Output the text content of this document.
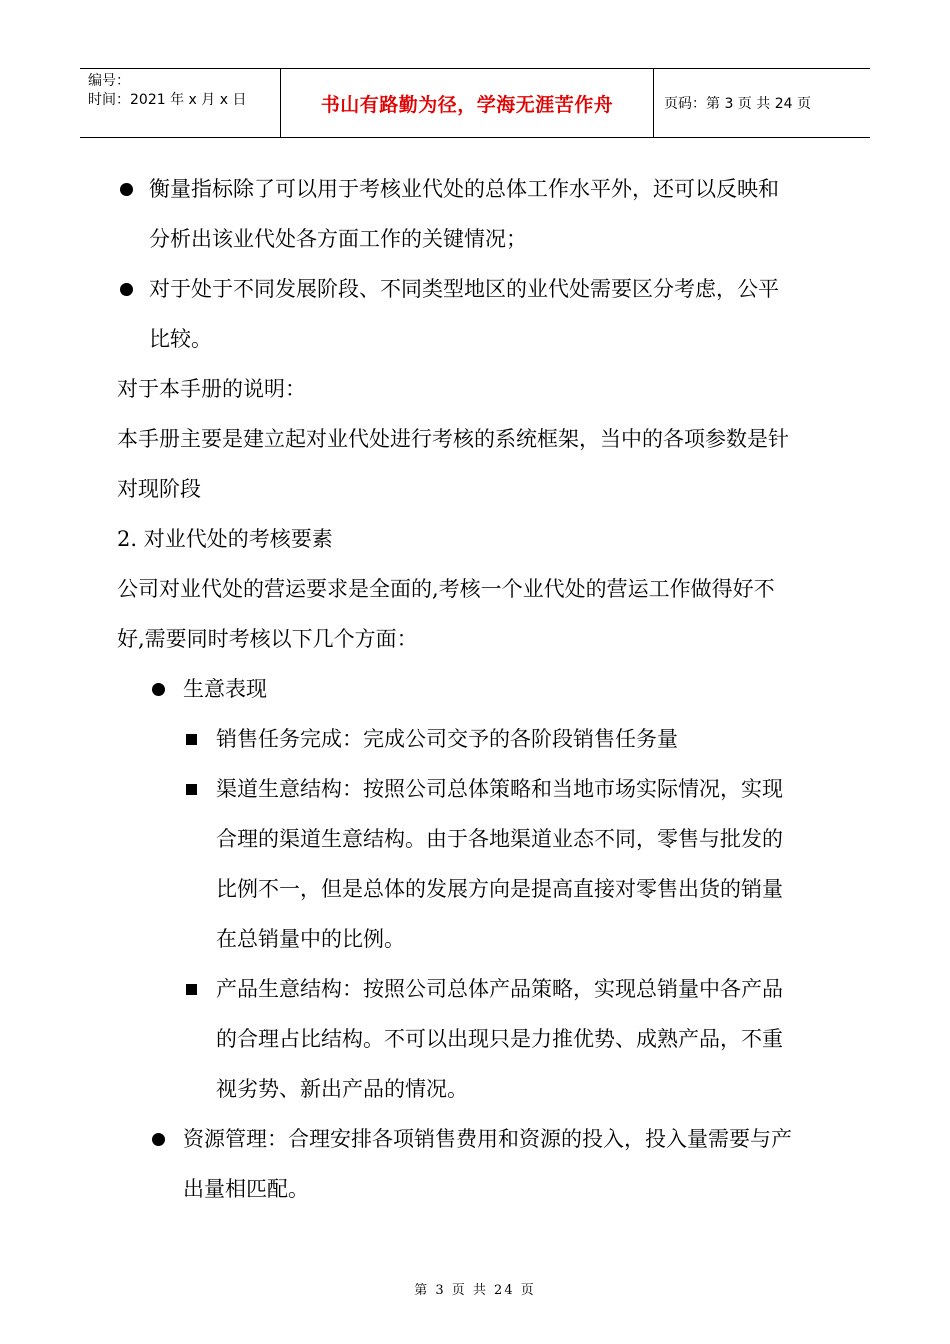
编号：
时间：2021 年 x 月 x 日	书山有路勤为径，学海无涯苦作舟	页码：第 3 页 共 24 页
衡量指标除了可以用于考核业代处的总体工作水平外，还可以反映和
分析出该业代处各方面工作的关键情况；
对于处于不同发展阶段、不同类型地区的业代处需要区分考虑，公平
比较。
对于本手册的说明：
本手册主要是建立起对业代处进行考核的系统框架，当中的各项参数是针
对现阶段
2. 对业代处的考核要素
公司对业代处的营运要求是全面的,考核一个业代处的营运工作做得好不
好,需要同时考核以下几个方面：
生意表现
销售任务完成：完成公司交予的各阶段销售任务量
渠道生意结构：按照公司总体策略和当地市场实际情况，实现
合理的渠道生意结构。由于各地渠道业态不同，零售与批发的
比例不一，但是总体的发展方向是提高直接对零售出货的销量
在总销量中的比例。
产品生意结构：按照公司总体产品策略，实现总销量中各产品
的合理占比结构。不可以出现只是力推优势、成熟产品，不重
视劣势、新出产品的情况。
资源管理：合理安排各项销售费用和资源的投入，投入量需要与产
出量相匹配。
第 3 页 共 24 页
